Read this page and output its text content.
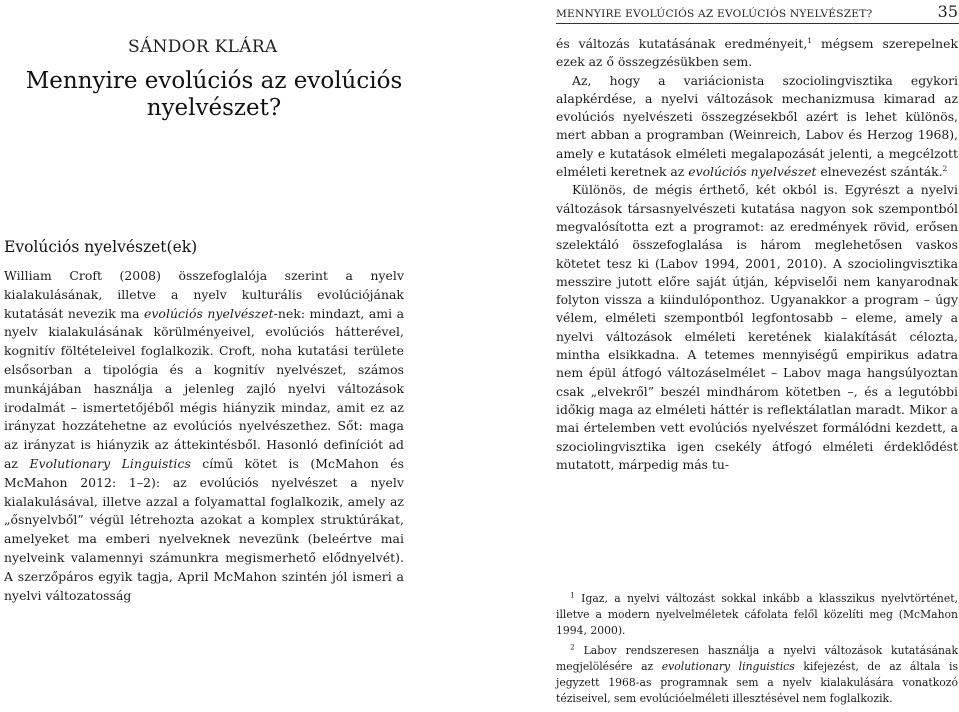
SÁNDOR KLÁRA
Mennyire evolúciós az evolúciós nyelvészet?
Evolúciós nyelvészet(ek)

William Croft (2008) összefoglalója szerint a nyelv kialakulásának, illetve a nyelv kulturális evolúciójának kutatását nevezik ma evolúciós nyelvészet-nek: mindazt, ami a nyelv kialakulásának körülményeivel, evolúciós hátterével, kognitív föltételeivel foglalkozik. Croft, noha kutatási területe elsősorban a tipológia és a kognitív nyelvészet, számos munkájában használja a jelenleg zajló nyelvi változások irodalmát – ismertetőjéből mégis hiányzik mindaz, amit ez az irányzat hozzátehetne az evolúciós nyelvészethez. Sőt: maga az irányzat is hiányzik az áttekintésből. Hasonló definíciót ad az Evolutionary Linguistics című kötet is (McMahon és McMahon 2012: 1–2): az evolúciós nyelvészet a nyelv kialakulásával, illetve azzal a folyamattal foglalkozik, amely az „ősnyelvből” végül létrehozta azokat a komplex struktúrákat, amelyeket ma emberi nyelveknek nevezünk (beleértve mai nyelveink valamennyi számunkra megismerhető elődnyelvét). A szerzőpáros egyik tagja, April McMahon szintén jól ismeri a nyelvi változatosság

MENNYIRE EVOLÚCIÓS AZ EVOLÚCIÓS NYELVÉSZET?	35

és változás kutatásának eredményeit,$^1$ mégsem szerepelnek ezek az ő összegzésükben sem.

Az, hogy a variácionista szociolingvisztika egykori alapkérdése, a nyelvi változások mechanizmusa kimarad az evolúciós nyelvészeti összegzésekből azért is lehet különös, mert abban a programban (Weinreich, Labov és Herzog 1968), amely e kutatások elméleti megalapozását jelenti, a megcélzott elméleti keretnek az evolúciós nyelvészet elnevezést szánták.$^2$

Különös, de mégis érthető, két okból is. Egyrészt a nyelvi változások társasnyelvészeti kutatása nagyon sok szempontból megvalósította ezt a programot: az eredmények rövid, erősen szelektáló összefoglalása is három meglehetősen vaskos kötetet tesz ki (Labov 1994, 2001, 2010). A szociolingvisztika messzire jutott előre saját útján, képviselői nem kanyarodnak folyton vissza a kiindulóponthoz. Ugyanakkor a program – úgy vélem, elméleti szempontból legfontosabb – eleme, amely a nyelvi változások elméleti keretének kialakítását célozta, mintha elsikkadna. A tetemes mennyiségű empirikus adatra nem épül átfogó változáselmélet – Labov maga hangsúlyoztan csak „elvekről” beszél mindhárom kötetben –, és a legutóbbi időkig maga az elméleti háttér is reflektálatlan maradt. Mikor a mai értelemben vett evolúciós nyelvészet formálódni kezdett, a szociolingvisztika igen csekély átfogó elméleti érdeklődést mutatott, márpedig más tu-

$^1$ Igaz, a nyelvi változást sokkal inkább a klasszikus nyelvtörténet, illetve a modern nyelvelméletek cáfolata felől közelíti meg (McMahon 1994, 2000).

$^2$ Labov rendszeresen használja a nyelvi változások kutatásának megjelölésére az evolutionary linguistics kifejezést, de az általa is jegyzett 1968-as programnak sem a nyelv kialakulására vonatkozó téziseivel, sem evolúcióelméleti illesztésével nem foglalkozik.
